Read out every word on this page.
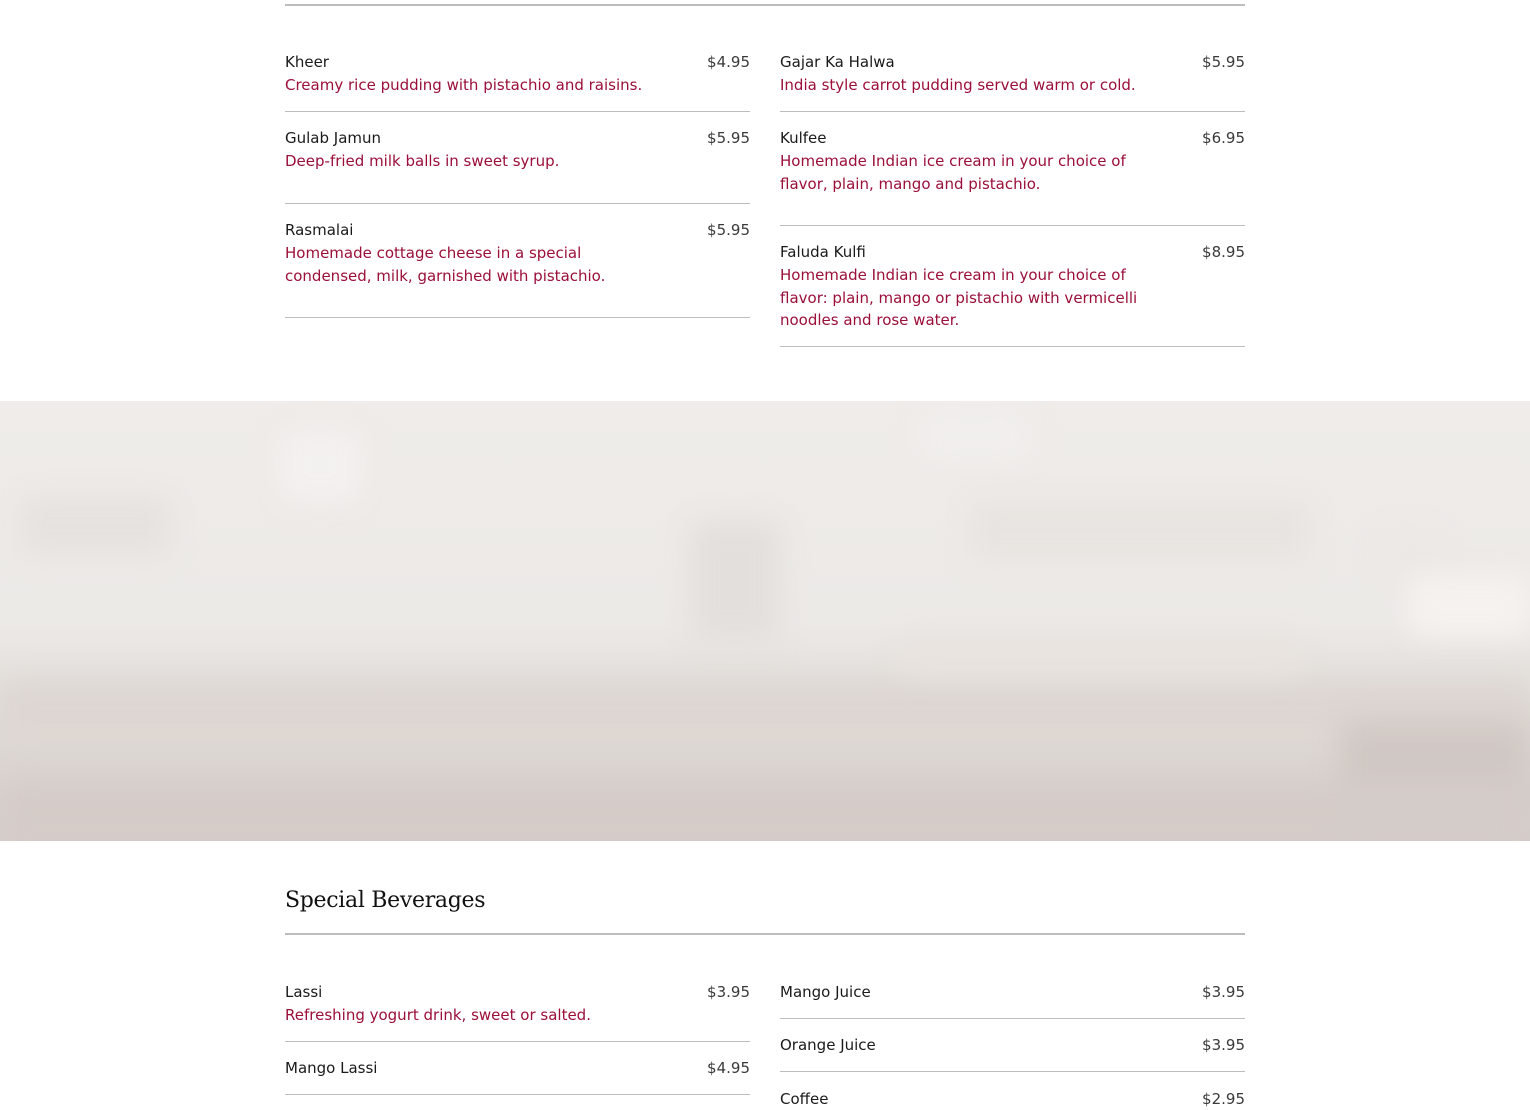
Kheer	$4.95
Creamy rice pudding with pistachio and raisins.
Gulab Jamun	$5.95
Deep-fried milk balls in sweet syrup.
Rasmalai	$5.95
Homemade cottage cheese in a special condensed, milk, garnished with pistachio.
Gajar Ka Halwa	$5.95
India style carrot pudding served warm or cold.
Kulfee	$6.95
Homemade Indian ice cream in your choice of flavor, plain, mango and pistachio.
Faluda Kulfi	$8.95
Homemade Indian ice cream in your choice of flavor: plain, mango or pistachio with vermicelli noodles and rose water.
Special Beverages
Lassi	$3.95
Refreshing yogurt drink, sweet or salted.
Mango Lassi	$4.95
Mango Juice	$3.95
Orange Juice	$3.95
Coffee	$2.95
